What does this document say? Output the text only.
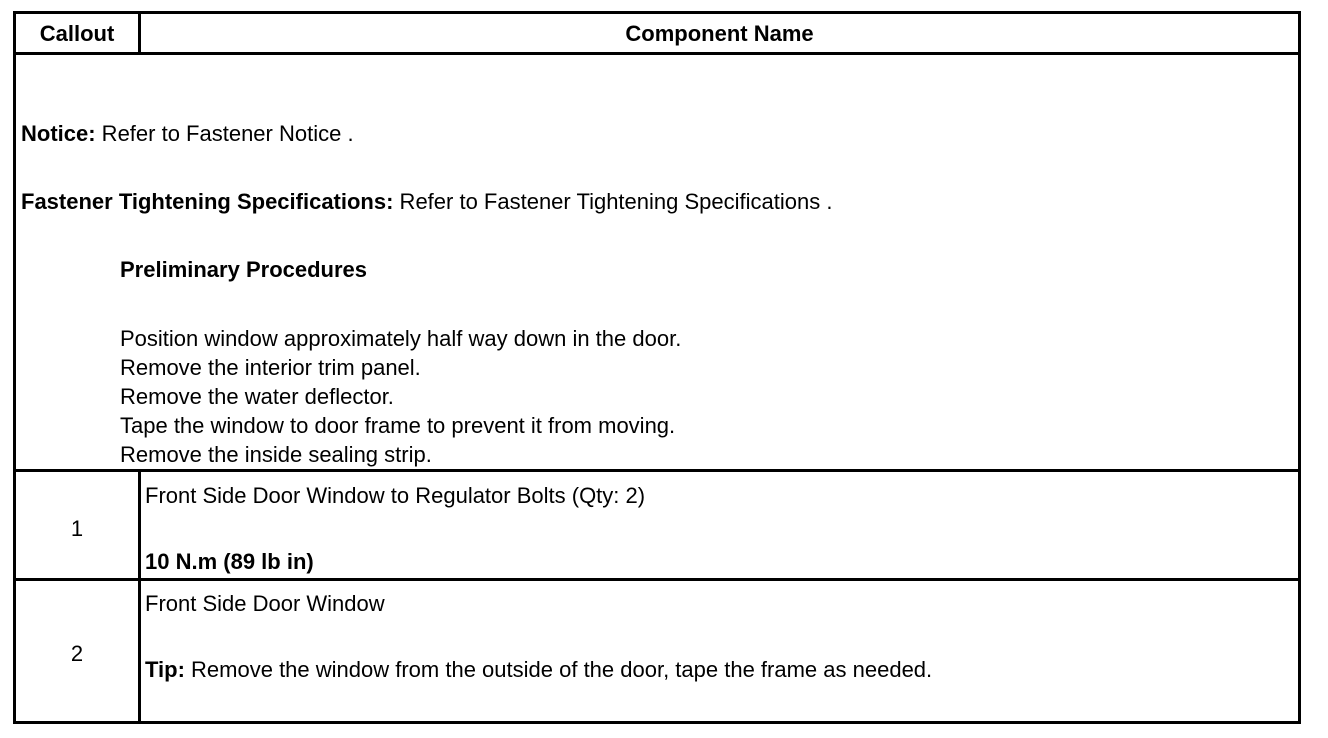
Callout	Component Name
Notice: Refer to Fastener Notice .
Fastener Tightening Specifications: Refer to Fastener Tightening Specifications .
Preliminary Procedures
Position window approximately half way down in the door.
Remove the interior trim panel.
Remove the water deflector.
Tape the window to door frame to prevent it from moving.
Remove the inside sealing strip.
1
Front Side Door Window to Regulator Bolts (Qty: 2)
10 N.m (89 lb in)
2
Front Side Door Window
Tip: Remove the window from the outside of the door, tape the frame as needed.
